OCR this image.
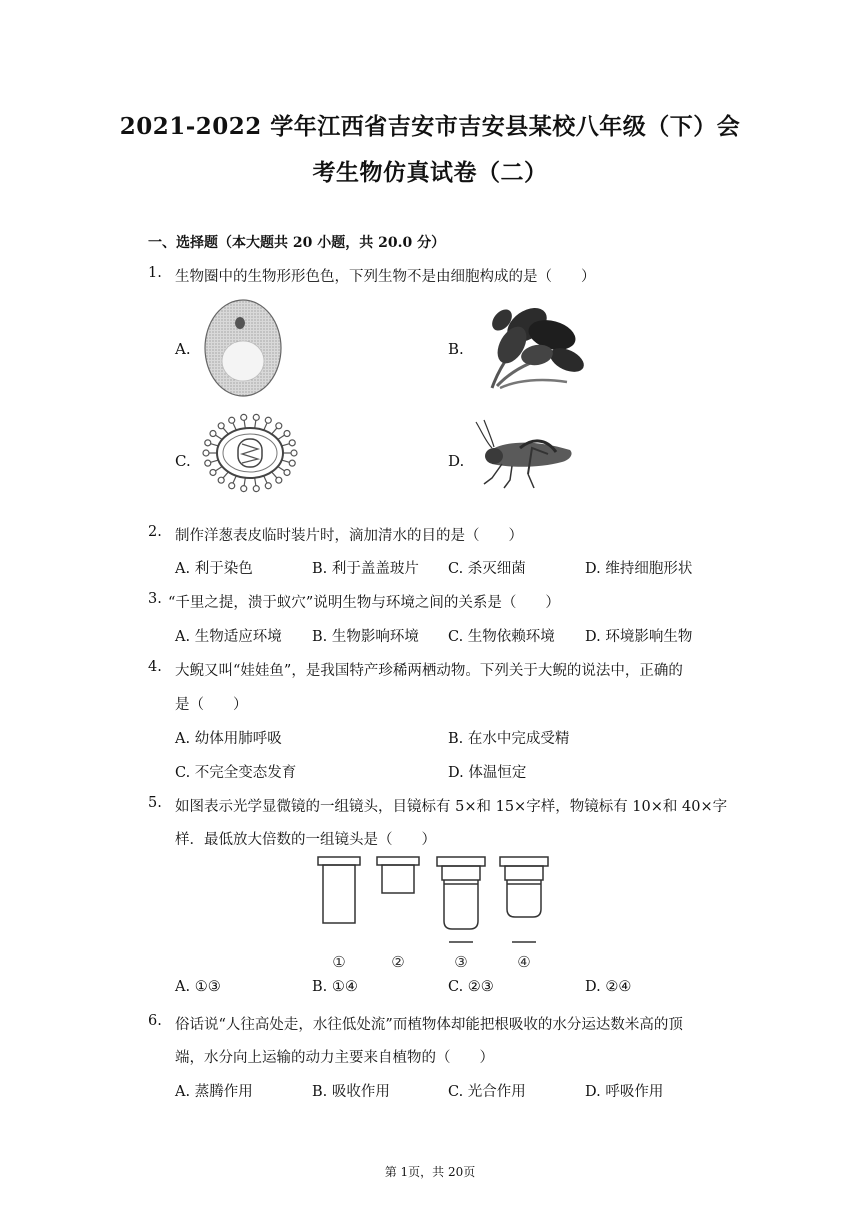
2021-2022 学年江西省吉安市吉安县某校八年级（下）会
考生物仿真试卷（二）
一、选择题（本大题共 20 小题，共 20.0 分）
1. 生物圈中的生物形形色色，下列生物不是由细胞构成的是（　　）
A.	B.
C.	D.
2. 制作洋葱表皮临时装片时，滴加清水的目的是（　　）
A. 利于染色	B. 利于盖盖玻片 C. 杀灭细菌	D. 维持细胞形状
3. “千里之提，溃于蚁穴”说明生物与环境之间的关系是（　　）
A. 生物适应环境 B. 生物影响环境 C. 生物依赖环境 D. 环境影响生物
4. 大鲵又叫“娃娃鱼”，是我国特产珍稀两栖动物。下列关于大鲵的说法中，正确的
是（　　）
A. 幼体用肺呼吸	B. 在水中完成受精
C. 不完全变态发育	D. 体温恒定
5. 如图表示光学显微镜的一组镜头，目镜标有 5×和 15×字样，物镜标有 10×和 40×字
样．最低放大倍数的一组镜头是（　　）
①	②	③	④
A. ①③	B. ①④	C. ②③	D. ②④
6. 俗话说“人往高处走，水往低处流”而植物体却能把根吸收的水分运达数米高的顶
端，水分向上运输的动力主要来自植物的（　　）
A. 蒸腾作用	B. 吸收作用	C. 光合作用	D. 呼吸作用
第 1页，共 20页
